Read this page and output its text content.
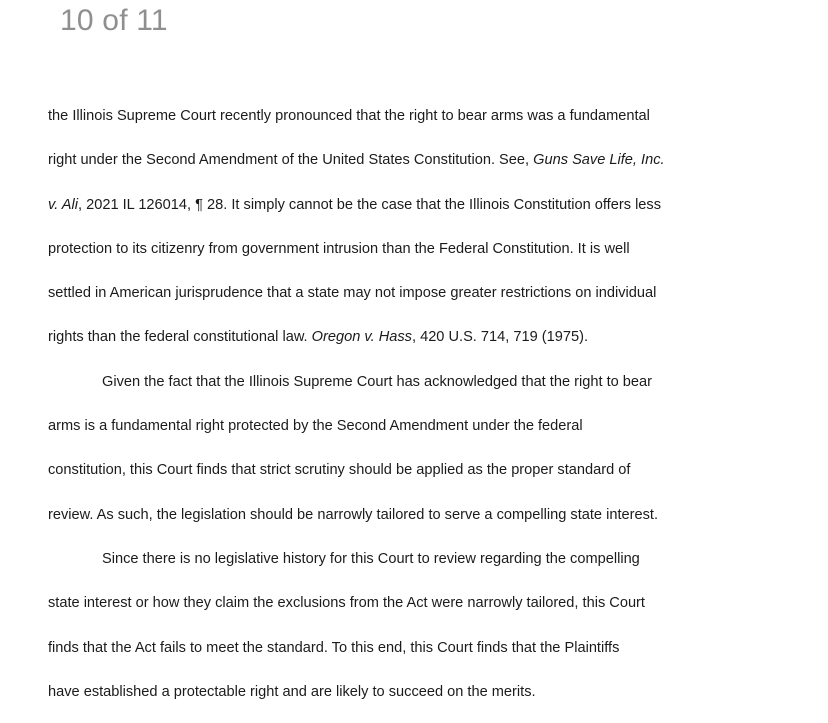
10 of 11
the Illinois Supreme Court recently pronounced that the right to bear arms was a fundamental
right under the Second Amendment of the United States Constitution. See, Guns Save Life, Inc.
v. Ali, 2021 IL 126014, ¶ 28. It simply cannot be the case that the Illinois Constitution offers less
protection to its citizenry from government intrusion than the Federal Constitution. It is well
settled in American jurisprudence that a state may not impose greater restrictions on individual
rights than the federal constitutional law. Oregon v. Hass, 420 U.S. 714, 719 (1975).
Given the fact that the Illinois Supreme Court has acknowledged that the right to bear
arms is a fundamental right protected by the Second Amendment under the federal
constitution, this Court finds that strict scrutiny should be applied as the proper standard of
review. As such, the legislation should be narrowly tailored to serve a compelling state interest.
Since there is no legislative history for this Court to review regarding the compelling
state interest or how they claim the exclusions from the Act were narrowly tailored, this Court
finds that the Act fails to meet the standard. To this end, this Court finds that the Plaintiffs
have established a protectable right and are likely to succeed on the merits.
